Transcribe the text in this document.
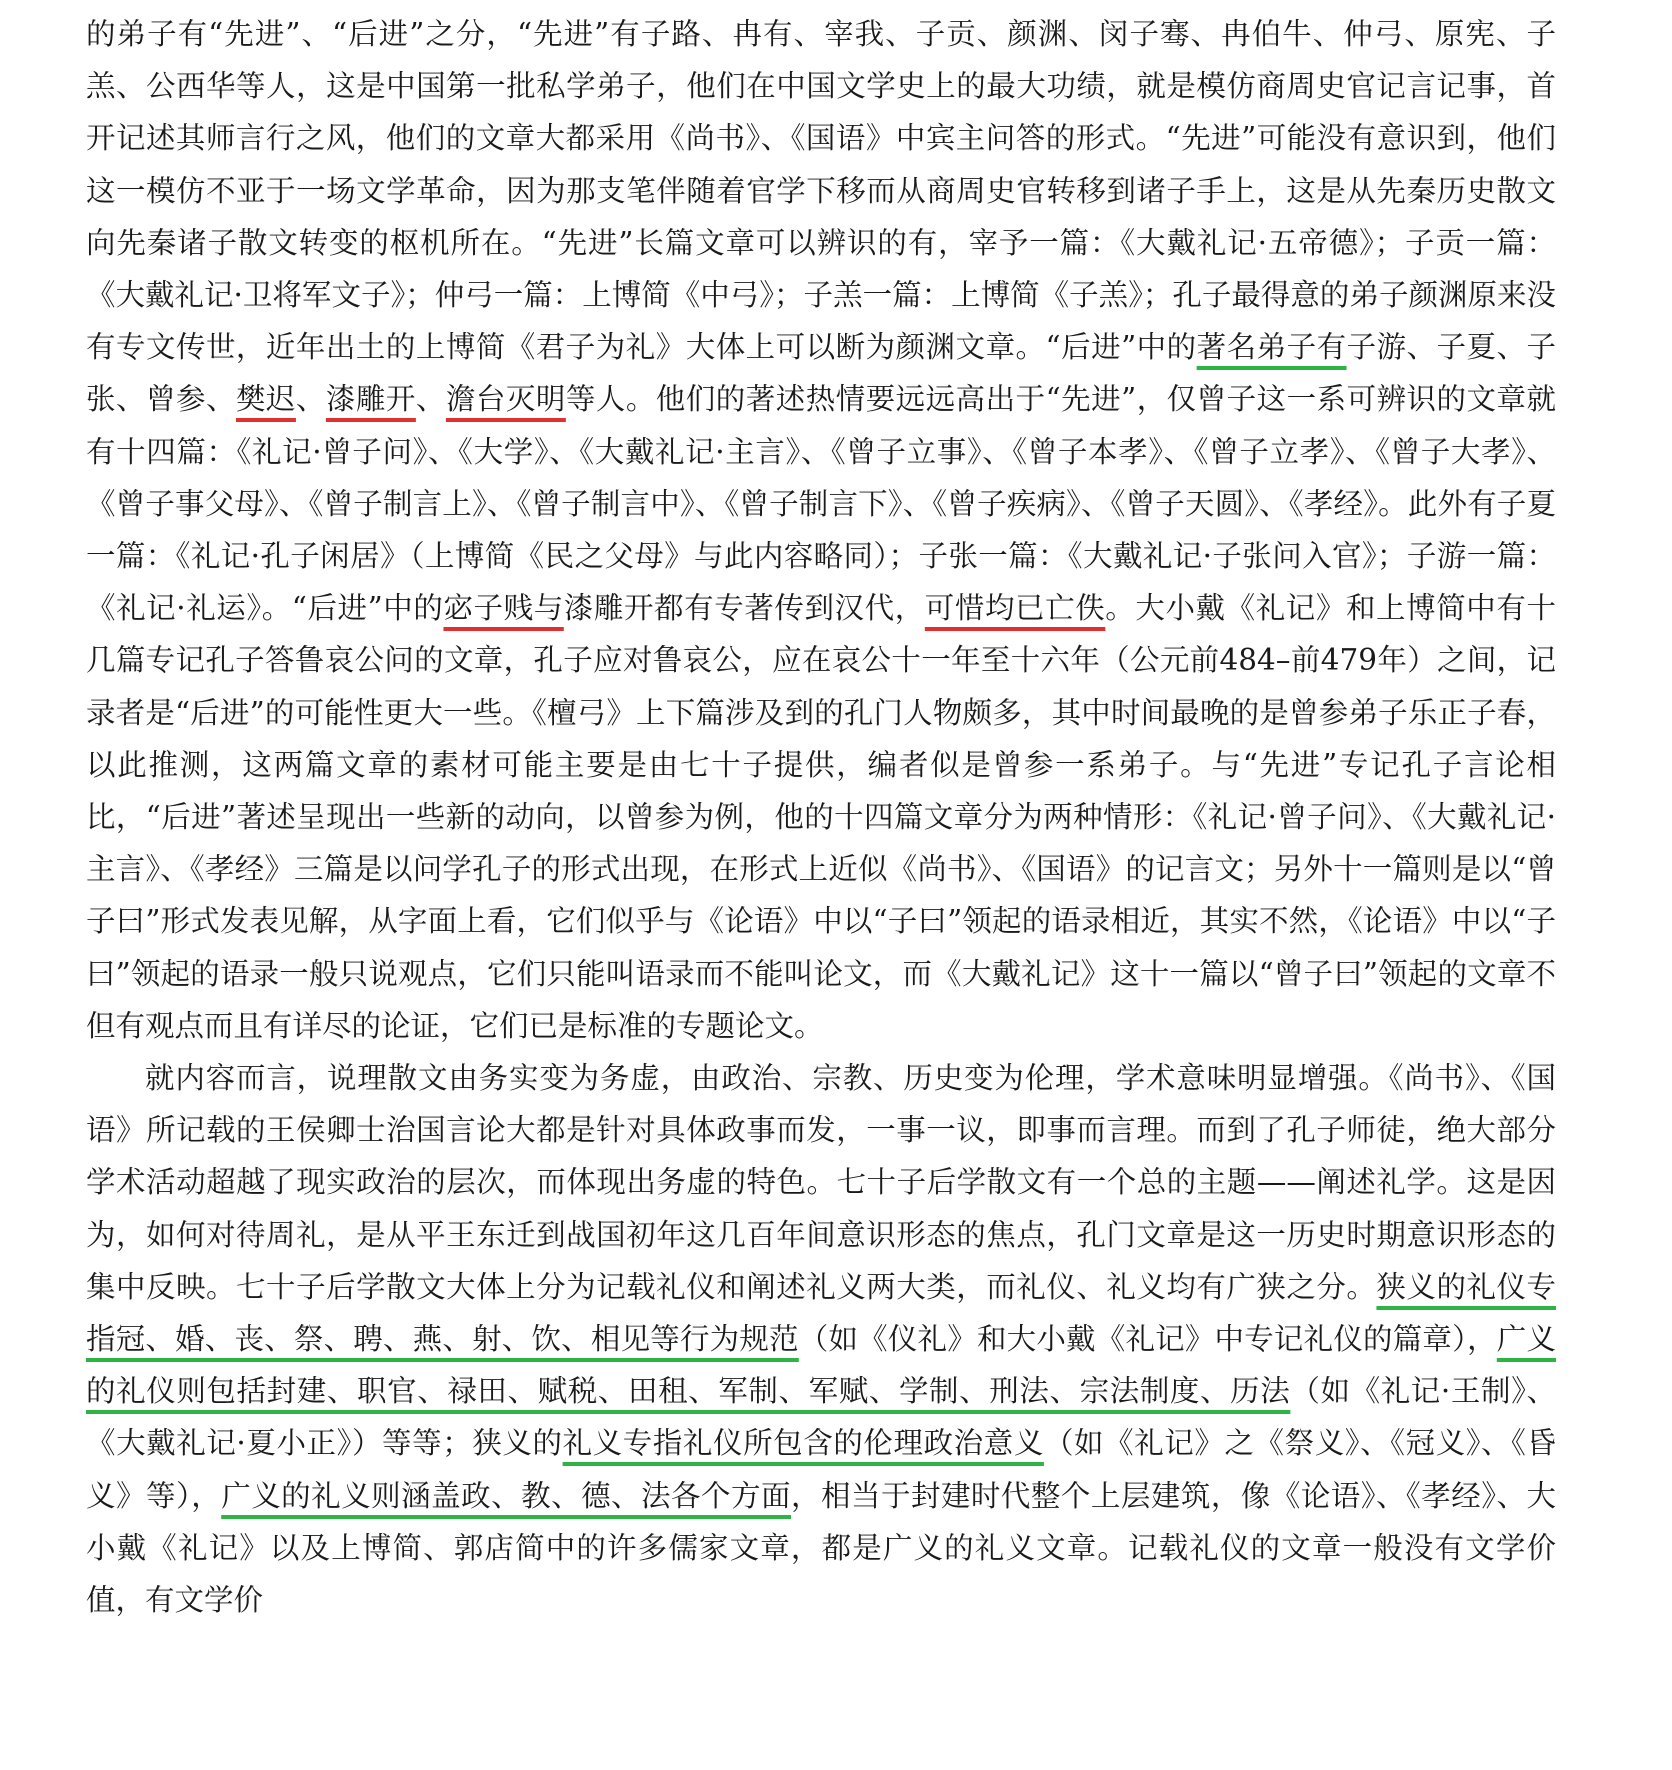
的弟子有“先进”、“后进”之分，“先进”有子路、冉有、宰我、子贡、颜渊、闵子骞、冉伯牛、仲弓、原宪、子羔、公西华等人，这是中国第一批私学弟子，他们在中国文学史上的最大功绩，就是模仿商周史官记言记事，首开记述其师言行之风，他们的文章大都采用《尚书》、《国语》中宾主问答的形式。“先进”可能没有意识到，他们这一模仿不亚于一场文学革命，因为那支笔伴随着官学下移而从商周史官转移到诸子手上，这是从先秦历史散文向先秦诸子散文转变的枢机所在。“先进”长篇文章可以辨识的有，宰予一篇：《大戴礼记·五帝德》；子贡一篇：《大戴礼记·卫将军文子》；仲弓一篇：上博简《中弓》；子羔一篇：上博简《子羔》；孔子最得意的弟子颜渊原来没有专文传世，近年出土的上博简《君子为礼》大体上可以断为颜渊文章。“后进”中的著名弟子有子游、子夏、子张、曾参、樊迟、漆雕开、澹台灭明等人。他们的著述热情要远远高出于“先进”，仅曾子这一系可辨识的文章就有十四篇：《礼记·曾子问》、《大学》、《大戴礼记·主言》、《曾子立事》、《曾子本孝》、《曾子立孝》、《曾子大孝》、《曾子事父母》、《曾子制言上》、《曾子制言中》、《曾子制言下》、《曾子疾病》、《曾子天圆》、《孝经》。此外有子夏一篇：《礼记·孔子闲居》（上博简《民之父母》与此内容略同）；子张一篇：《大戴礼记·子张问入官》；子游一篇：《礼记·礼运》。“后进”中的宓子贱与漆雕开都有专著传到汉代，可惜均已亡佚。大小戴《礼记》和上博简中有十几篇专记孔子答鲁哀公问的文章，孔子应对鲁哀公，应在哀公十一年至十六年（公元前484–前479年）之间，记录者是“后进”的可能性更大一些。《檀弓》上下篇涉及到的孔门人物颇多，其中时间最晚的是曾参弟子乐正子春，以此推测，这两篇文章的素材可能主要是由七十子提供，编者似是曾参一系弟子。与“先进”专记孔子言论相比，“后进”著述呈现出一些新的动向，以曾参为例，他的十四篇文章分为两种情形：《礼记·曾子问》、《大戴礼记·主言》、《孝经》三篇是以问学孔子的形式出现，在形式上近似《尚书》、《国语》的记言文；另外十一篇则是以“曾子曰”形式发表见解，从字面上看，它们似乎与《论语》中以“子曰”领起的语录相近，其实不然，《论语》中以“子曰”领起的语录一般只说观点，它们只能叫语录而不能叫论文，而《大戴礼记》这十一篇以“曾子曰”领起的文章不但有观点而且有详尽的论证，它们已是标准的专题论文。

就内容而言，说理散文由务实变为务虚，由政治、宗教、历史变为伦理，学术意味明显增强。《尚书》、《国语》所记载的王侯卿士治国言论大都是针对具体政事而发，一事一议，即事而言理。而到了孔子师徒，绝大部分学术活动超越了现实政治的层次，而体现出务虚的特色。七十子后学散文有一个总的主题——阐述礼学。这是因为，如何对待周礼，是从平王东迁到战国初年这几百年间意识形态的焦点，孔门文章是这一历史时期意识形态的集中反映。七十子后学散文大体上分为记载礼仪和阐述礼义两大类，而礼仪、礼义均有广狭之分。狭义的礼仪专指冠、婚、丧、祭、聘、燕、射、饮、相见等行为规范（如《仪礼》和大小戴《礼记》中专记礼仪的篇章），广义的礼仪则包括封建、职官、禄田、赋税、田租、军制、军赋、学制、刑法、宗法制度、历法（如《礼记·王制》、《大戴礼记·夏小正》）等等；狭义的礼义专指礼仪所包含的伦理政治意义（如《礼记》之《祭义》、《冠义》、《昏义》等），广义的礼义则涵盖政、教、德、法各个方面，相当于封建时代整个上层建筑，像《论语》、《孝经》、大小戴《礼记》以及上博简、郭店简中的许多儒家文章，都是广义的礼义文章。记载礼仪的文章一般没有文学价值，有文学价
